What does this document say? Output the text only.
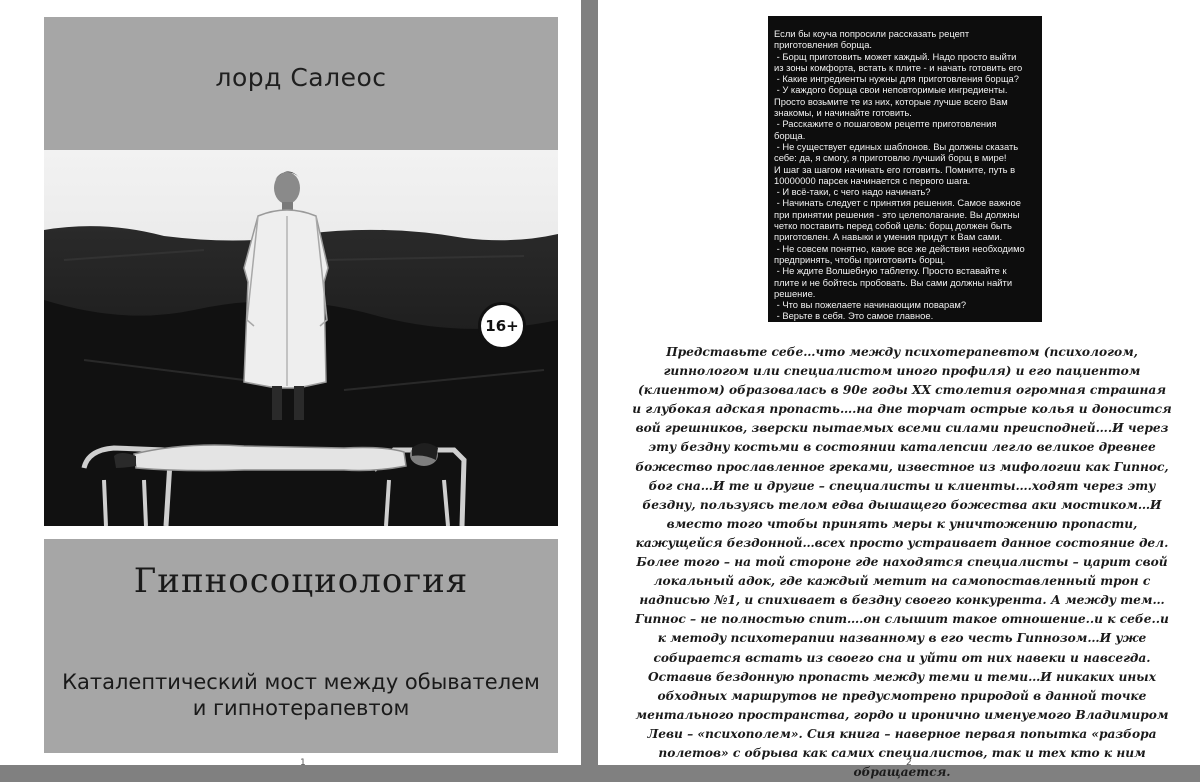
лорд Салеос
16+
Гипносоциология
Каталептический мост между обывателем и гипнотерапевтом
1
Если бы коуча попросили рассказать рецепт
приготовления борща.
- Борщ приготовить может каждый. Надо просто выйти
из зоны комфорта, встать к плите - и начать готовить его
- Какие ингредиенты нужны для приготовления борща?
- У каждого борща свои неповторимые ингредиенты.
Просто возьмите те из них, которые лучше всего Вам
знакомы, и начинайте готовить.
- Расскажите о пошаговом рецепте приготовления
борща.
- Не существует единых шаблонов. Вы должны сказать
себе: да, я смогу, я приготовлю лучший борщ в мире!
И шаг за шагом начинать его готовить. Помните, путь в
10000000 парсек начинается с первого шага.
- И всё-таки, с чего надо начинать?
- Начинать следует с принятия решения. Самое важное
при принятии решения - это целеполагание. Вы должны
четко поставить перед собой цель: борщ должен быть
приготовлен. А навыки и умения придут к Вам сами.
- Не совсем понятно, какие все же действия необходимо
предпринять, чтобы приготовить борщ.
- Не ждите Волшебную таблетку. Просто вставайте к
плите и не бойтесь пробовать. Вы сами должны найти
решение.
- Что вы пожелаете начинающим поварам?
- Верьте в себя. Это самое главное.

Представьте себе…что между психотерапевтом (психологом, гипнологом или специалистом иного профиля) и его пациентом (клиентом) образовалась в 90е годы XX столетия огромная страшная и глубокая адская пропасть….на дне торчат острые колья и доносится вой грешников, зверски пытаемых всеми силами преисподней….И через эту бездну костьми в состоянии каталепсии легло великое древнее божество прославленное греками, известное из мифологии как Гипнос, бог сна…И те и другие – специалисты и клиенты….ходят через эту бездну, пользуясь телом едва дышащего божества аки мостиком…И вместо того чтобы принять меры к уничтожению пропасти, кажущейся бездонной…всех просто устраивает данное состояние дел. Более того – на той стороне где находятся специалисты – царит свой локальный адок, где каждый метит на самопоставленный трон с надписью №1, и спихивает в бездну своего конкурента. А между тем…Гипнос – не полностью спит….он слышит такое отношение..и к себе..и к методу психотерапии названному в его честь Гипнозом…И уже собирается встать из своего сна и уйти от них навеки и навсегда. Оставив бездонную пропасть между теми и теми…И никаких иных обходных маршрутов не предусмотрено природой в данной точке ментального пространства, гордо и иронично именуемого Владимиром Леви – «психополем». Сия книга – наверное первая попытка «разбора полетов» с обрыва как самих специалистов, так и тех кто к ним обращается.

2
